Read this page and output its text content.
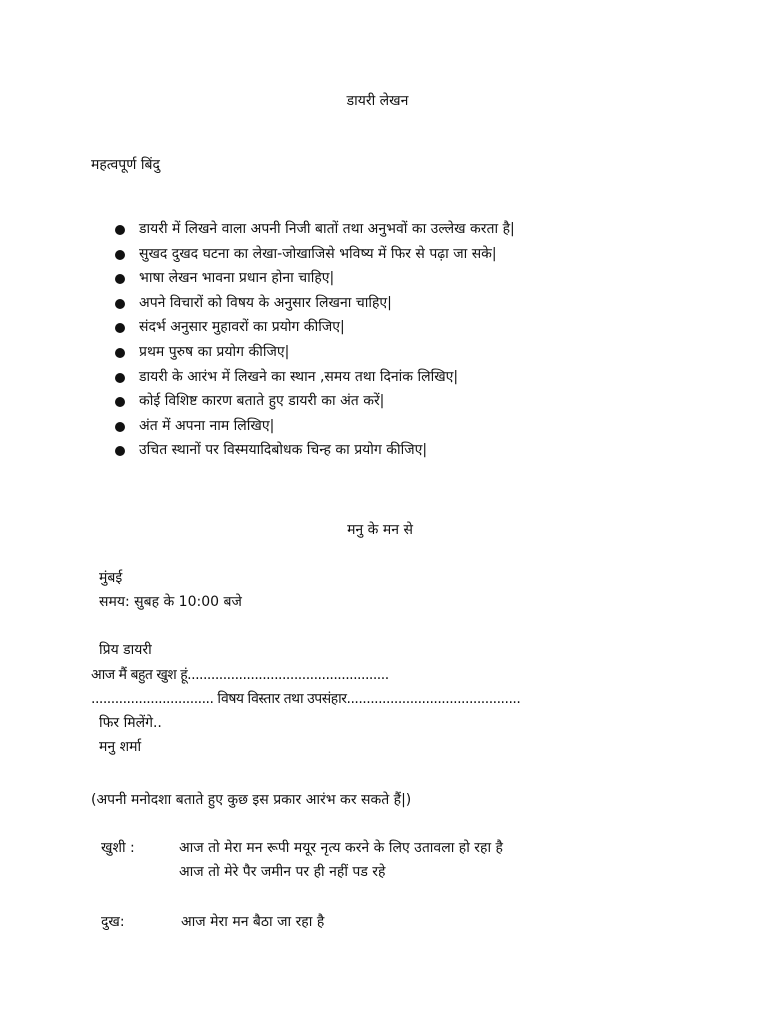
डायरी लेखन
महत्वपूर्ण बिंदु
डायरी में लिखने वाला अपनी निजी बातों तथा अनुभवों का उल्लेख करता है|
सुखद दुखद घटना का लेखा-जोखाजिसे भविष्य में फिर से पढ़ा जा सके|
भाषा लेखन भावना प्रधान होना चाहिए|
अपने विचारों को विषय के अनुसार लिखना चाहिए|
संदर्भ अनुसार मुहावरों का प्रयोग कीजिए|
प्रथम पुरुष का प्रयोग कीजिए|
डायरी के आरंभ में लिखने का स्थान ,समय तथा दिनांक लिखिए|
कोई विशिष्ट कारण बताते हुए डायरी का अंत करें|
अंत में अपना नाम लिखिए|
उचित स्थानों पर विस्मयादिबोधक चिन्ह का प्रयोग कीजिए|
मनु के मन से
मुंबई
समय: सुबह के 10:00 बजे
प्रिय डायरी
आज मैं बहुत खुश हूं...................................................
............................... विषय विस्तार तथा उपसंहार............................................
फिर मिलेंगे..
मनु शर्मा
(अपनी मनोदशा बताते हुए कुछ इस प्रकार आरंभ कर सकते हैं|)
खुशी :	आज तो मेरा मन रूपी मयूर नृत्य करने के लिए उतावला हो रहा है
आज तो मेरे पैर जमीन पर ही नहीं पड रहे
दुख:	आज मेरा मन बैठा जा रहा है
